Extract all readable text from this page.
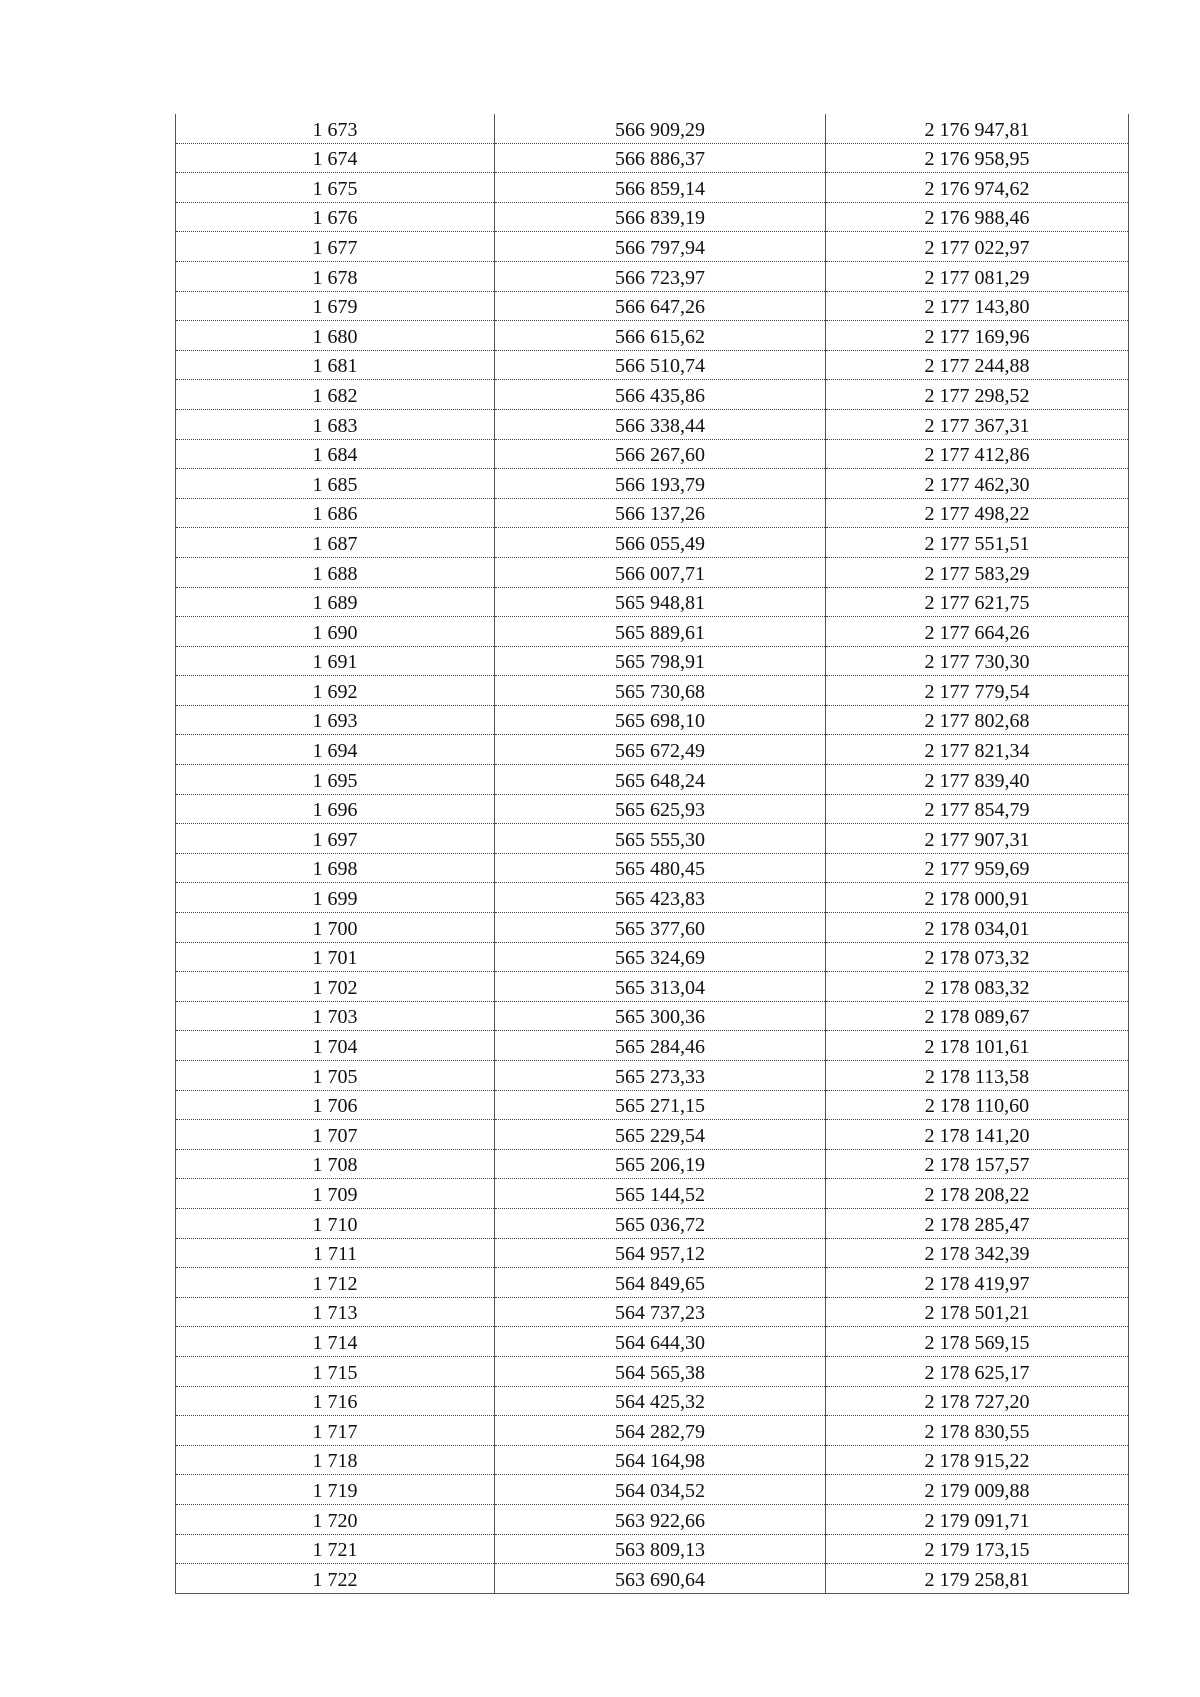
1 673	566 909,29	2 176 947,81
1 674	566 886,37	2 176 958,95
1 675	566 859,14	2 176 974,62
1 676	566 839,19	2 176 988,46
1 677	566 797,94	2 177 022,97
1 678	566 723,97	2 177 081,29
1 679	566 647,26	2 177 143,80
1 680	566 615,62	2 177 169,96
1 681	566 510,74	2 177 244,88
1 682	566 435,86	2 177 298,52
1 683	566 338,44	2 177 367,31
1 684	566 267,60	2 177 412,86
1 685	566 193,79	2 177 462,30
1 686	566 137,26	2 177 498,22
1 687	566 055,49	2 177 551,51
1 688	566 007,71	2 177 583,29
1 689	565 948,81	2 177 621,75
1 690	565 889,61	2 177 664,26
1 691	565 798,91	2 177 730,30
1 692	565 730,68	2 177 779,54
1 693	565 698,10	2 177 802,68
1 694	565 672,49	2 177 821,34
1 695	565 648,24	2 177 839,40
1 696	565 625,93	2 177 854,79
1 697	565 555,30	2 177 907,31
1 698	565 480,45	2 177 959,69
1 699	565 423,83	2 178 000,91
1 700	565 377,60	2 178 034,01
1 701	565 324,69	2 178 073,32
1 702	565 313,04	2 178 083,32
1 703	565 300,36	2 178 089,67
1 704	565 284,46	2 178 101,61
1 705	565 273,33	2 178 113,58
1 706	565 271,15	2 178 110,60
1 707	565 229,54	2 178 141,20
1 708	565 206,19	2 178 157,57
1 709	565 144,52	2 178 208,22
1 710	565 036,72	2 178 285,47
1 711	564 957,12	2 178 342,39
1 712	564 849,65	2 178 419,97
1 713	564 737,23	2 178 501,21
1 714	564 644,30	2 178 569,15
1 715	564 565,38	2 178 625,17
1 716	564 425,32	2 178 727,20
1 717	564 282,79	2 178 830,55
1 718	564 164,98	2 178 915,22
1 719	564 034,52	2 179 009,88
1 720	563 922,66	2 179 091,71
1 721	563 809,13	2 179 173,15
1 722	563 690,64	2 179 258,81
